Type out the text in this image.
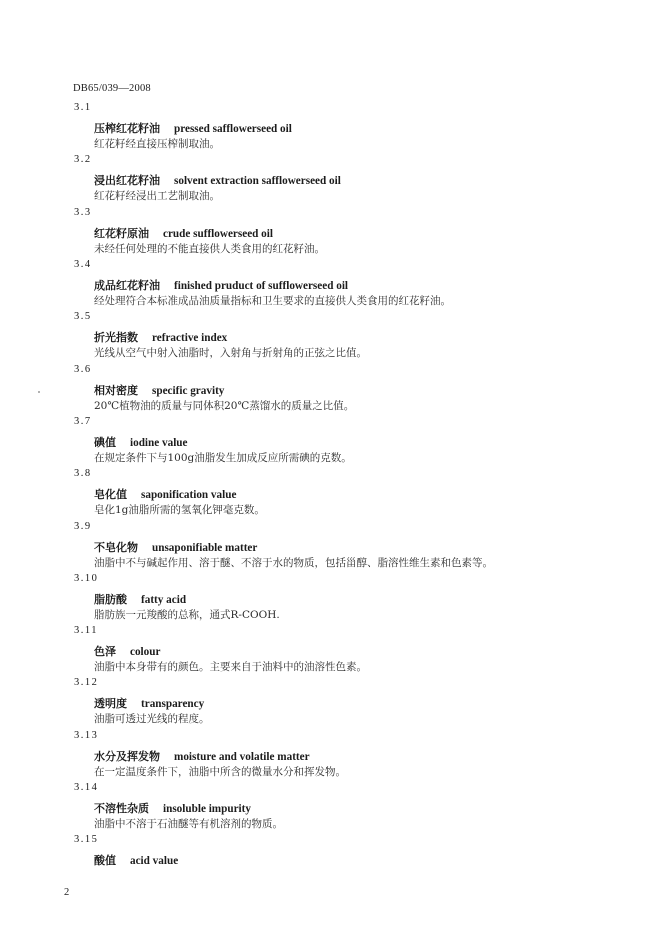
DB65/039—2008
3.1
压榨红花籽油 pressed safflowerseed oil
红花籽经直接压榨制取油。
3.2
浸出红花籽油 solvent extraction safflowerseed oil
红花籽经浸出工艺制取油。
3.3
红花籽原油 crude sufflowerseed oil
未经任何处理的不能直接供人类食用的红花籽油。
3.4
成品红花籽油 finished pruduct of sufflowerseed oil
经处理符合本标准成品油质量指标和卫生要求的直接供人类食用的红花籽油。
3.5
折光指数 refractive index
光线从空气中射入油脂时，入射角与折射角的正弦之比值。
3.6
相对密度 specific gravity
20℃植物油的质量与同体积20℃蒸馏水的质量之比值。
3.7
碘值 iodine value
在规定条件下与100g油脂发生加成反应所需碘的克数。
3.8
皂化值 saponification value
皂化1g油脂所需的氢氧化钾毫克数。
3.9
不皂化物 unsaponifiable matter
油脂中不与碱起作用、溶于醚、不溶于水的物质，包括甾醇、脂溶性维生素和色素等。
3.10
脂肪酸 fatty acid
脂肪族一元羧酸的总称，通式R-COOH.
3.11
色泽 colour
油脂中本身带有的颜色。主要来自于油料中的油溶性色素。
3.12
透明度 transparency
油脂可透过光线的程度。
3.13
水分及挥发物 moisture and volatile matter
在一定温度条件下，油脂中所含的微量水分和挥发物。
3.14
不溶性杂质 insoluble impurity
油脂中不溶于石油醚等有机溶剂的物质。
3.15
酸值 acid value
2
